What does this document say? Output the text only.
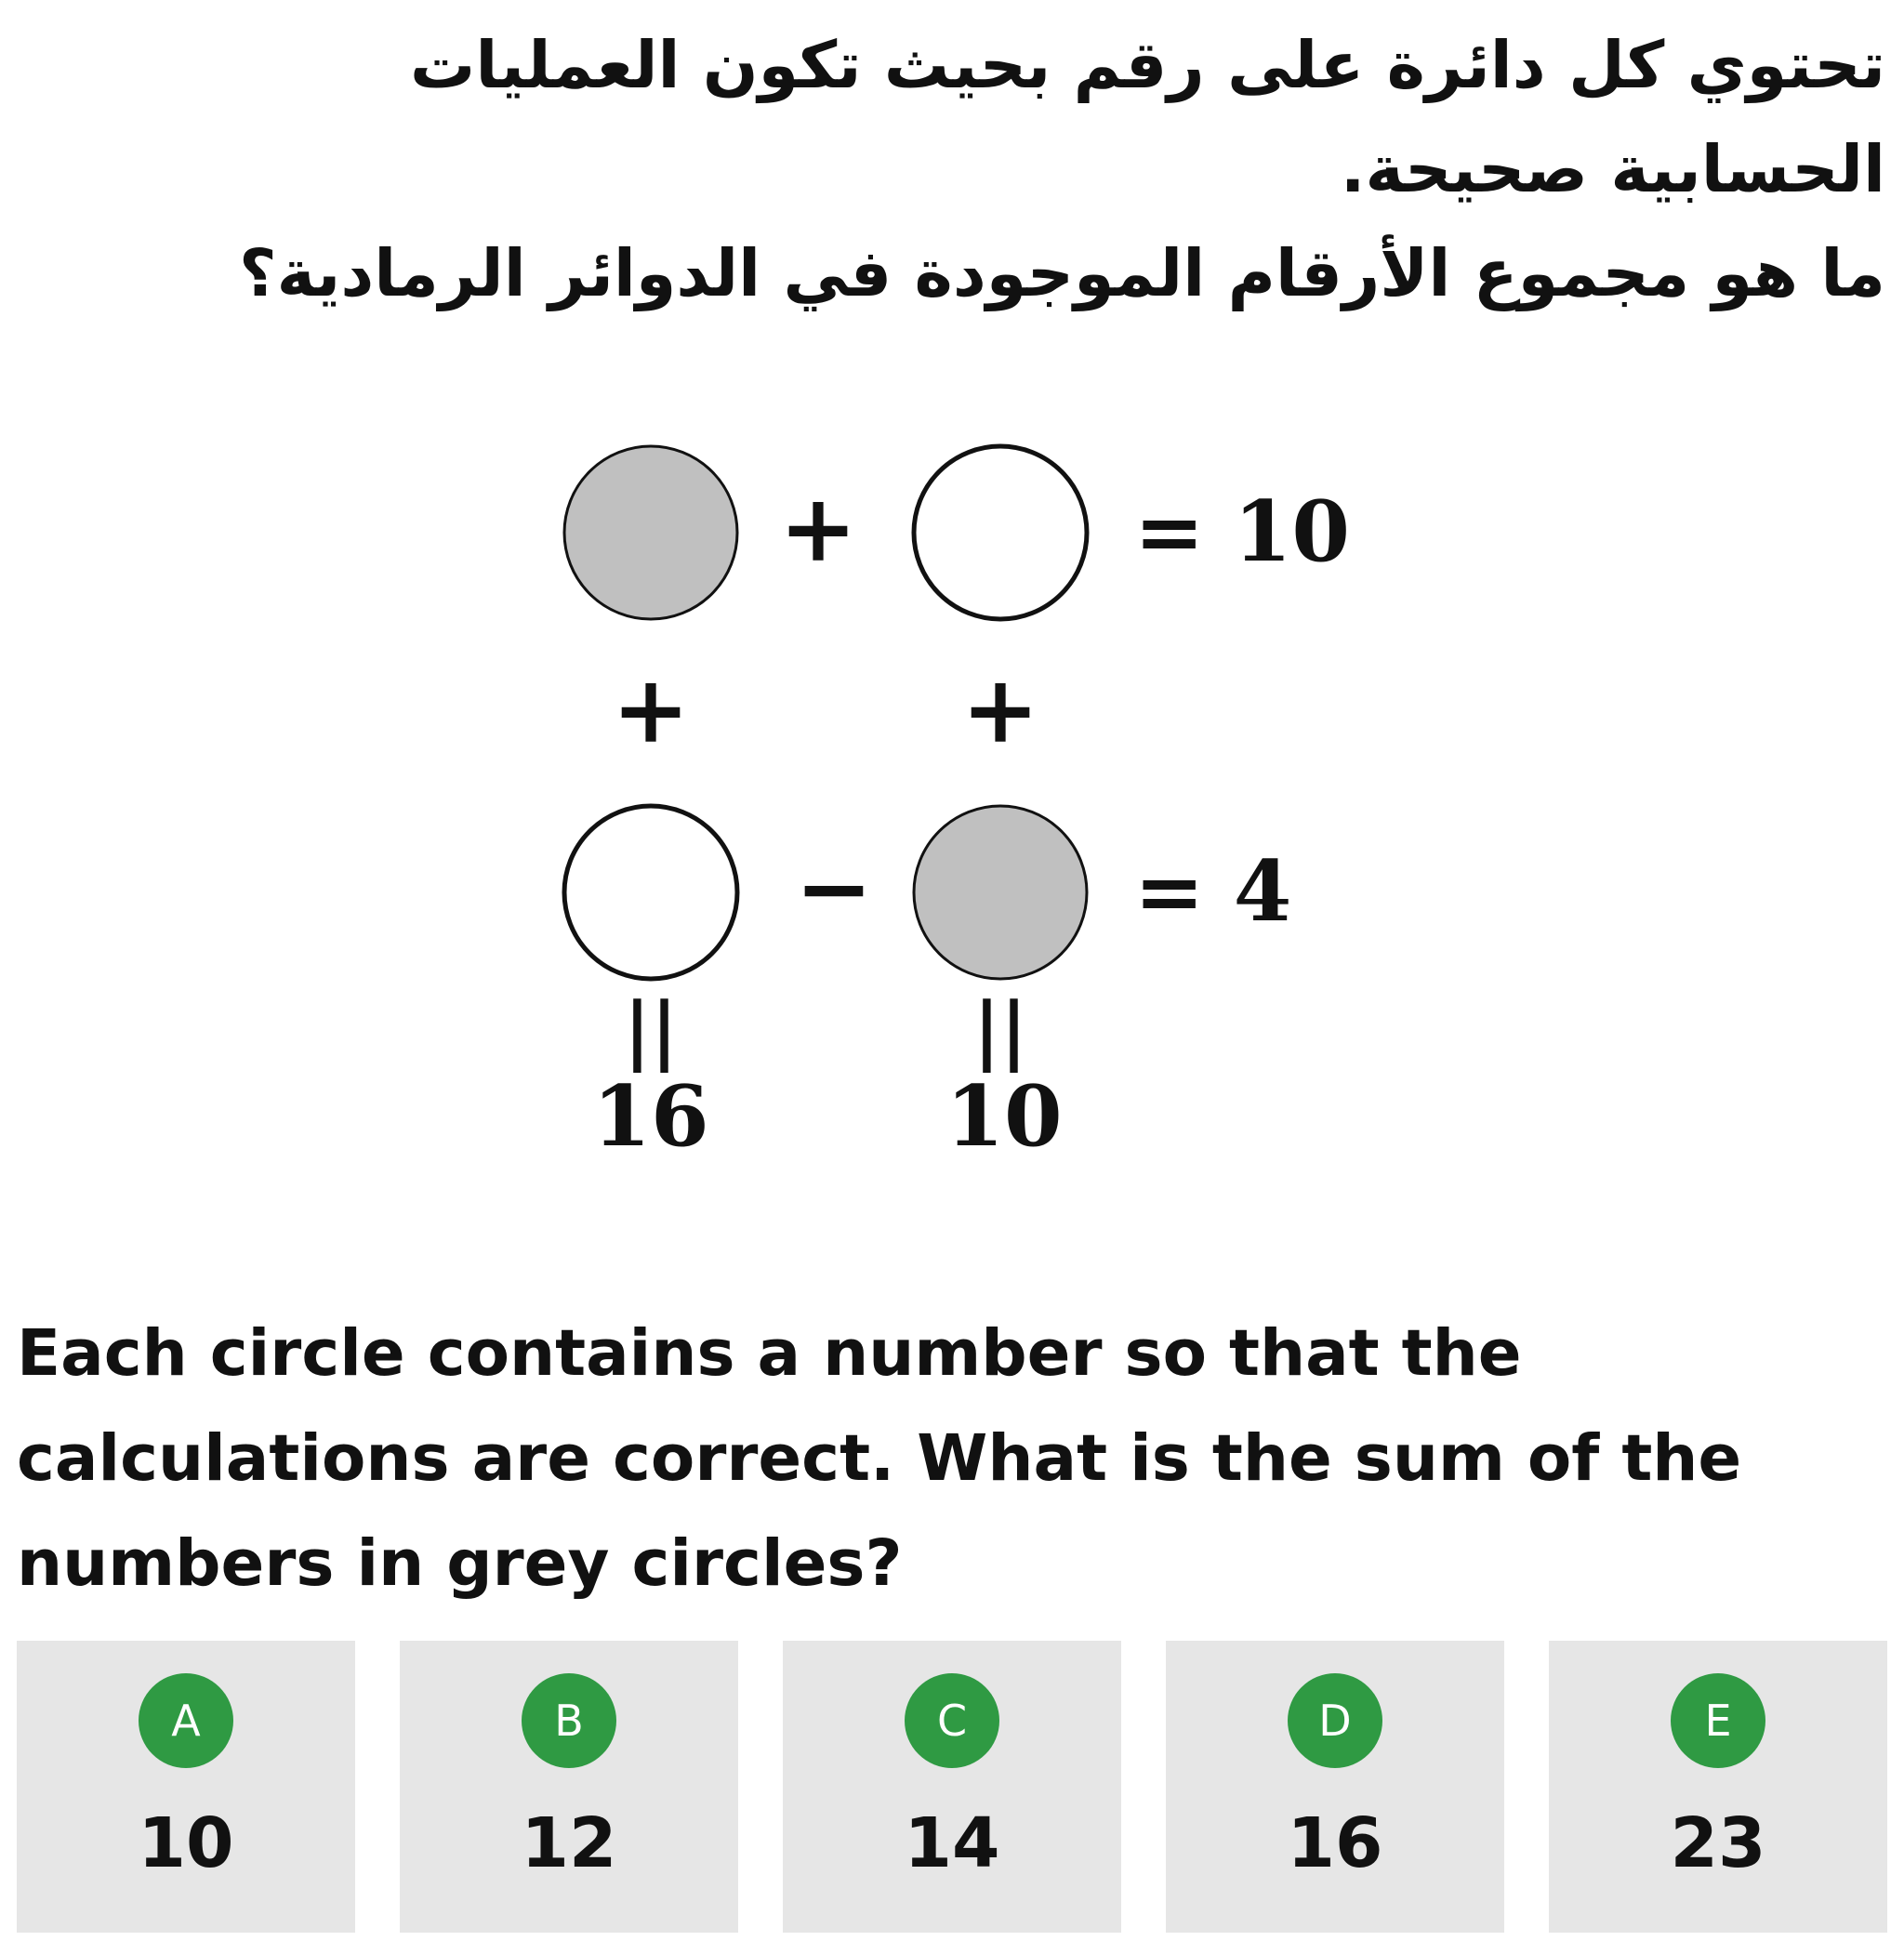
تحتوي كل دائرة على رقم بحيث تكون العمليات
الحسابية صحيحة.
ما هو مجموع الأرقام الموجودة في الدوائر الرمادية؟
+	= 10
+	+
−	= 4
||	||
16	10

Each circle contains a number so that the
calculations are correct. What is the sum of the
numbers in grey circles?

A
10
B
12
C
14
D
16
E
23
